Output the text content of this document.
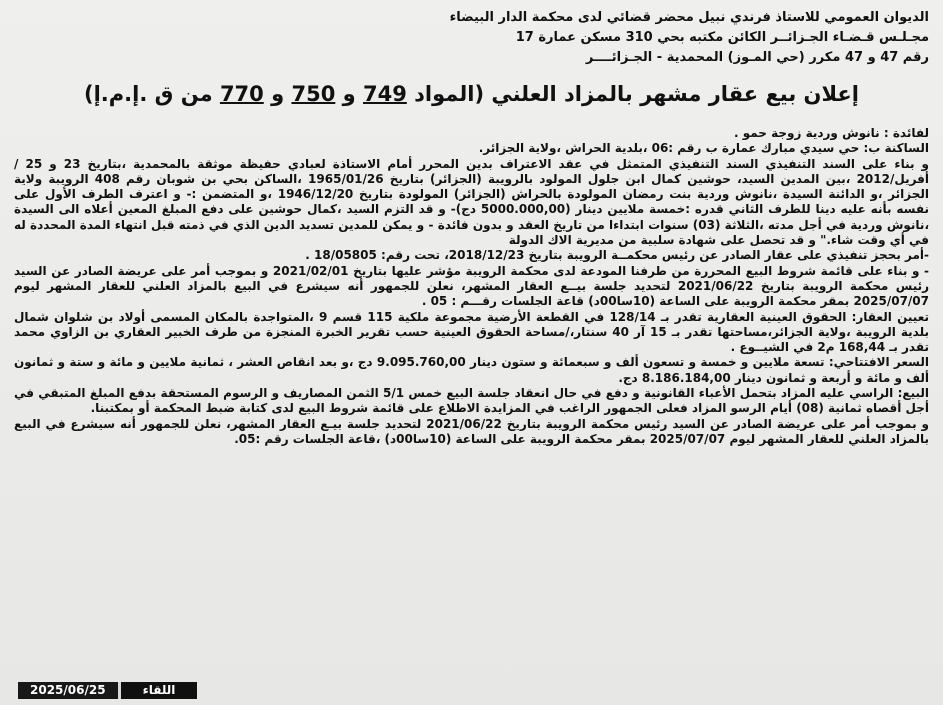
الديوان العمومي للاستاذ فرندي نبيل محضر قضائي لدى محكمة الدار البيضاء
مجـلـس قـضـاء الجـزائــر الكائن مكتبه بحي 310 مسكن عمارة 17
رقم 47 و 47 مكرر (حي المـوز) المحمدية - الجـزائــــر
إعلان بيع عقار مشهر بالمزاد العلني (المواد 749 و 750 و 770 من ق .إ.م.إ)

لفائدة : نانوش وردية زوجة حمو .

الساكنة ب: حي سيدي مبارك عمارة ب رقم :06 ،بلدية الحراش ،ولاية الجزائر.

و بناء على السند التنفيذي السند التنفيذي المتمثل في عقد الاعتراف بدين المحرر أمام الاستاذة لعبادي حفيظة موثقة بالمحمدية ،بتاريخ 23 و 25 /أفريل/2012 ،بين المدين السيد، حوشين كمال ابن جلول المولود بالرويبة (الجزائر) بتاريخ 1965/01/26 ،الساكن بحي بن شوبان رقم 408 الرويبة ولاية الجزائر ،و الدائنة السيدة ،نانوش وردية بنت رمضان المولودة بالحراش (الجزائر) المولودة بتاريخ 1946/12/20 ،و المتضمن :- و اعترف الطرف الأول على نفسه بأنه عليه دينا للطرف الثاني قدره :خمسة ملايين دينار (5000.000,00 دج)- و قد التزم السيد ،كمال حوشين على دفع المبلغ المعين أعلاه الى السيدة ،نانوش وردية في أجل مدته ،الثلاثة (03) سنوات ابتداءا من تاريخ العقد و بدون فائدة - و يمكن للمدين تسديد الدين الذي في ذمته قبل انتهاء المدة المحددة له في أي وقت شاء." و قد تحصل على شهادة سلبية من مديرية الاك الدولة

-أمر بحجز تنفيذي على عقار الصادر عن رئيس محكمــة الرويبة بتاريخ 2018/12/23، تحت رقم: 18/05805 .

- و بناء على قائمة شروط البيع المحررة من طرفنا المودعة لدى محكمة الرويبة مؤشر عليها بتاريخ 2021/02/01 و بموجب أمر على عريضة الصادر عن السيد رئيس محكمة الرويبة بتاريخ 2021/06/22 لتحديد جلسة بيــع العقار المشهر، نعلن للجمهور أنه سيشرع في البيع بالمزاد العلني للعقار المشهر ليوم 2025/07/07 بمقر محكمة الرويبة على الساعة (10سا00د) قاعة الجلسات رقـــم : 05 .

تعيين العقار: الحقوق العينية العقارية تقدر بـ 128/14 في القطعة الأرضية مجموعة ملكية 115 قسم 9 ،المتواجدة بالمكان المسمى أولاد بن شلوان شمال بلدية الرويبة ،ولاية الجزائر،مساحتها تقدر بـ 15 آر 40 سنتار،/مساحة الحقوق العينية حسب تقرير الخبرة المنجزة من طرف الخبير العقاري بن الزاوي محمد تقدر بـ 168,44 م2 في الشيــوع .

السعر الافتتاحي: تسعة ملايين و خمسة و تسعون ألف و سبعمائة و ستون دينار 9.095.760,00 دج ،و بعد انقاص العشر ، ثمانية ملايين و مائة و ستة و ثمانون ألف و مائة و أربعة و ثمانون دينار 8.186.184,00 دج.

البيع: الراسي عليه المزاد بتحمل الأعباء القانونية و دفع في حال انعقاد جلسة البيع خمس 5/1 الثمن المصاريف و الرسوم المستحقة بدفع المبلغ المتبقي في أجل أقصاه ثمانية (08) أيام الرسو المزاد فعلى الجمهور الراغب في المزايدة الاطلاع على قائمة شروط البيع لدى كتابة ضبط المحكمة أو بمكتبنا.

و بموجب أمر على عريضة الصادر عن السيد رئيس محكمة الرويبة بتاريخ 2021/06/22 لتحديد جلسة بيـع العقار المشهر، نعلن للجمهور أنه سيشرع في البيع بالمزاد العلني للعقار المشهر ليوم 2025/07/07 بمقر محكمة الرويبة على الساعة (10سا00د) ،قاعة الجلسات رقم :05.

2025/06/25	اللقاء
